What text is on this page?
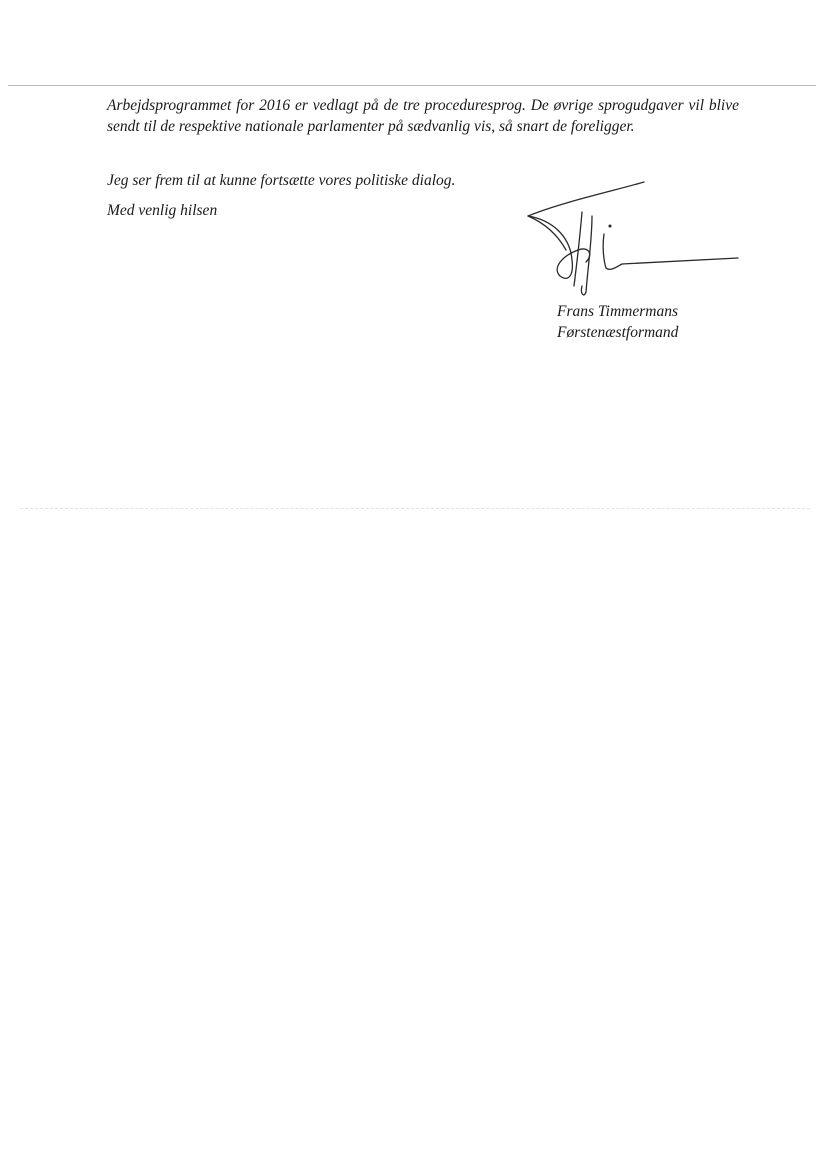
Arbejdsprogrammet for 2016 er vedlagt på de tre proceduresprog. De øvrige sprogudgaver vil blive sendt til de respektive nationale parlamenter på sædvanlig vis, så snart de foreligger.

Jeg ser frem til at kunne fortsætte vores politiske dialog.

Med venlig hilsen

Frans Timmermans
Førstenæstformand
